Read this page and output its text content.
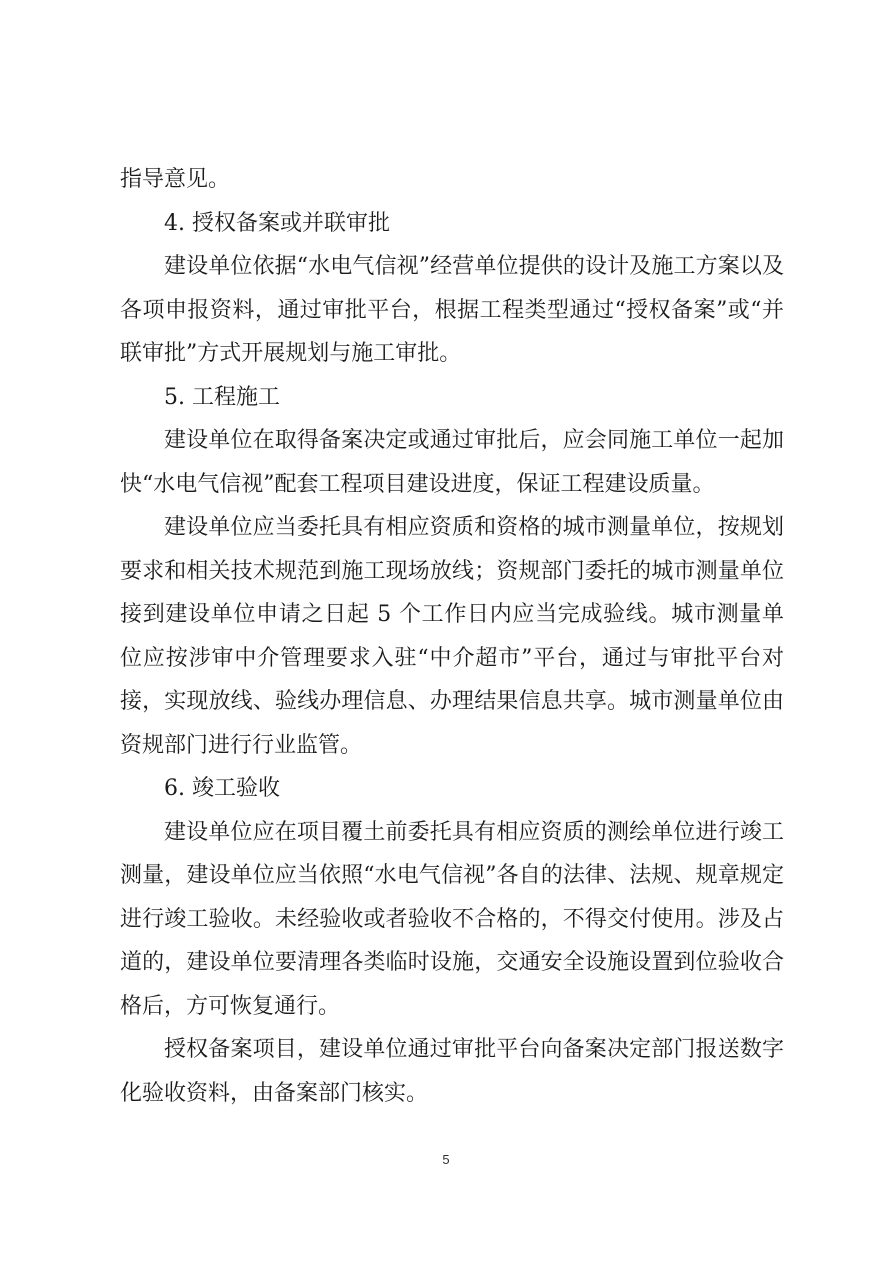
指导意见。

4. 授权备案或并联审批

建设单位依据“水电气信视”经营单位提供的设计及施工方案以及各项申报资料，通过审批平台，根据工程类型通过“授权备案”或“并联审批”方式开展规划与施工审批。

5. 工程施工

建设单位在取得备案决定或通过审批后，应会同施工单位一起加快“水电气信视”配套工程项目建设进度，保证工程建设质量。

建设单位应当委托具有相应资质和资格的城市测量单位，按规划要求和相关技术规范到施工现场放线；资规部门委托的城市测量单位接到建设单位申请之日起 5 个工作日内应当完成验线。城市测量单位应按涉审中介管理要求入驻“中介超市”平台，通过与审批平台对接，实现放线、验线办理信息、办理结果信息共享。城市测量单位由资规部门进行行业监管。

6. 竣工验收

建设单位应在项目覆土前委托具有相应资质的测绘单位进行竣工测量，建设单位应当依照“水电气信视”各自的法律、法规、规章规定进行竣工验收。未经验收或者验收不合格的，不得交付使用。涉及占道的，建设单位要清理各类临时设施，交通安全设施设置到位验收合格后，方可恢复通行。

授权备案项目，建设单位通过审批平台向备案决定部门报送数字化验收资料，由备案部门核实。

5
